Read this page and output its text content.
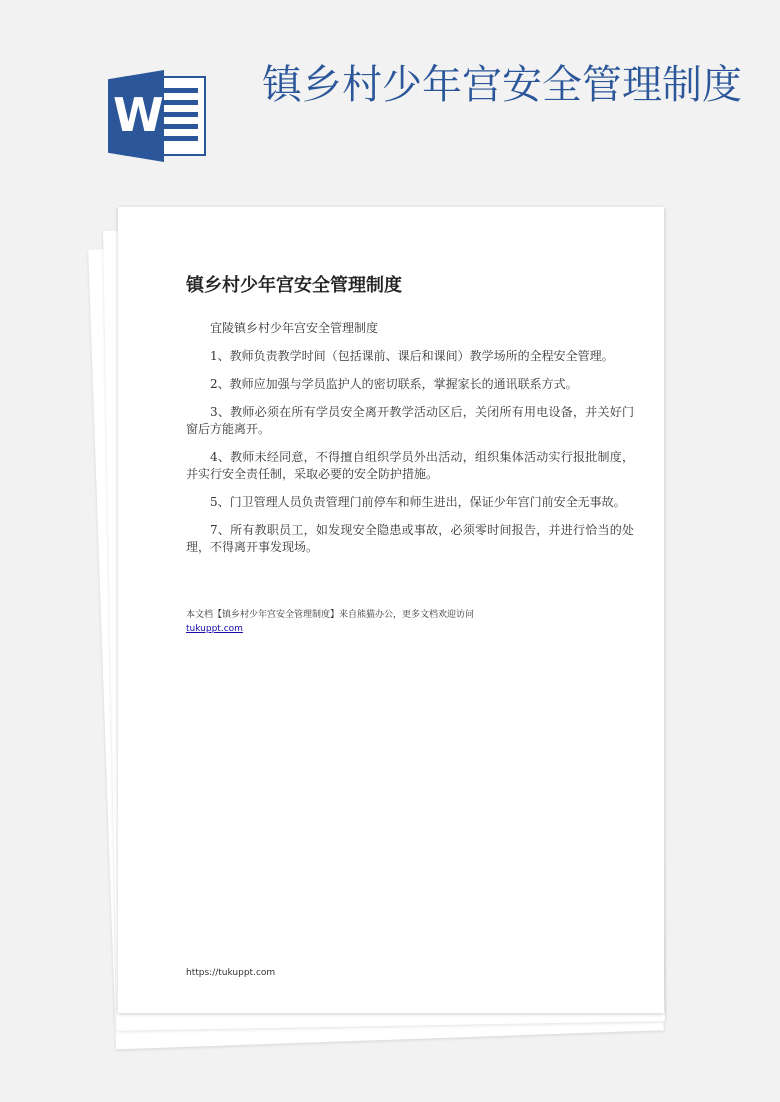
W
镇乡村少年宫安全管理制度
镇乡村少年宫安全管理制度

宜陵镇乡村少年宫安全管理制度

1、教师负责教学时间（包括课前、课后和课间）教学场所的全程安全管理。

2、教师应加强与学员监护人的密切联系，掌握家长的通讯联系方式。

3、教师必须在所有学员安全离开教学活动区后，关闭所有用电设备，并关好门窗后方能离开。

4、教师未经同意，不得擅自组织学员外出活动，组织集体活动实行报批制度，并实行安全责任制，采取必要的安全防护措施。

5、门卫管理人员负责管理门前停车和师生进出，保证少年宫门前安全无事故。

7、所有教职员工，如发现安全隐患或事故，必须零时间报告，并进行恰当的处理，不得离开事发现场。

本文档【镇乡村少年宫安全管理制度】来自熊猫办公，更多文档欢迎访问
tukuppt.com
https://tukuppt.com
